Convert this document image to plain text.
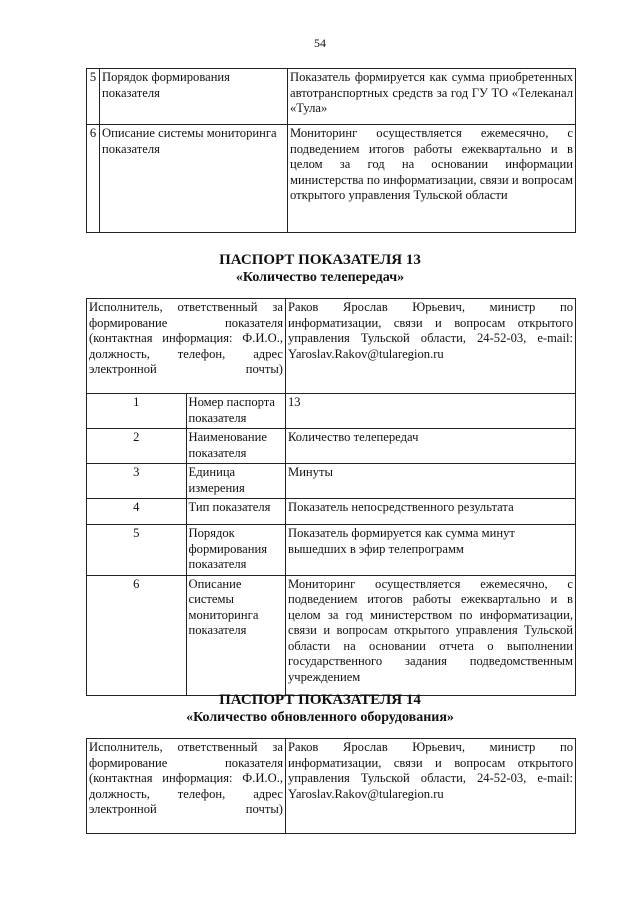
54
5	Порядок формирования показателя	Показатель формируется как сумма приобретенных автотранспортных средств за год ГУ ТО «Телеканал «Тула»
6	Описание системы мониторинга показателя	Мониторинг осуществляется ежемесячно, с подведением итогов работы ежеквартально и в целом за год на основании информации министерства по информатизации, связи и вопросам открытого управления Тульской области
ПАСПОРТ ПОКАЗАТЕЛЯ 13
«Количество телепередач»
Исполнитель, ответственный за формирование показателя (контактная информация: Ф.И.О., должность, телефон, адрес электронной почты)		Раков Ярослав Юрьевич, министр по информатизации, связи и вопросам открытого управления Тульской области, 24-52-03, e-mail: Yaroslav.Rakov@tularegion.ru
1	Номер паспорта показателя	13
2	Наименование показателя	Количество телепередач
3	Единица измерения	Минуты
4	Тип показателя	Показатель непосредственного результата
5	Порядок формирования показателя	Показатель формируется как сумма минут вышедших в эфир телепрограмм
6	Описание системы мониторинга показателя	Мониторинг осуществляется ежемесячно, с подведением итогов работы ежеквартально и в целом за год министерством по информатизации, связи и вопросам открытого управления Тульской области на основании отчета о выполнении государственного задания подведомственным учреждением
ПАСПОРТ ПОКАЗАТЕЛЯ 14
«Количество обновленного оборудования»
Исполнитель, ответственный за формирование показателя (контактная информация: Ф.И.О., должность, телефон, адрес электронной почты)	Раков Ярослав Юрьевич, министр по информатизации, связи и вопросам открытого управления Тульской области, 24-52-03, e-mail: Yaroslav.Rakov@tularegion.ru
